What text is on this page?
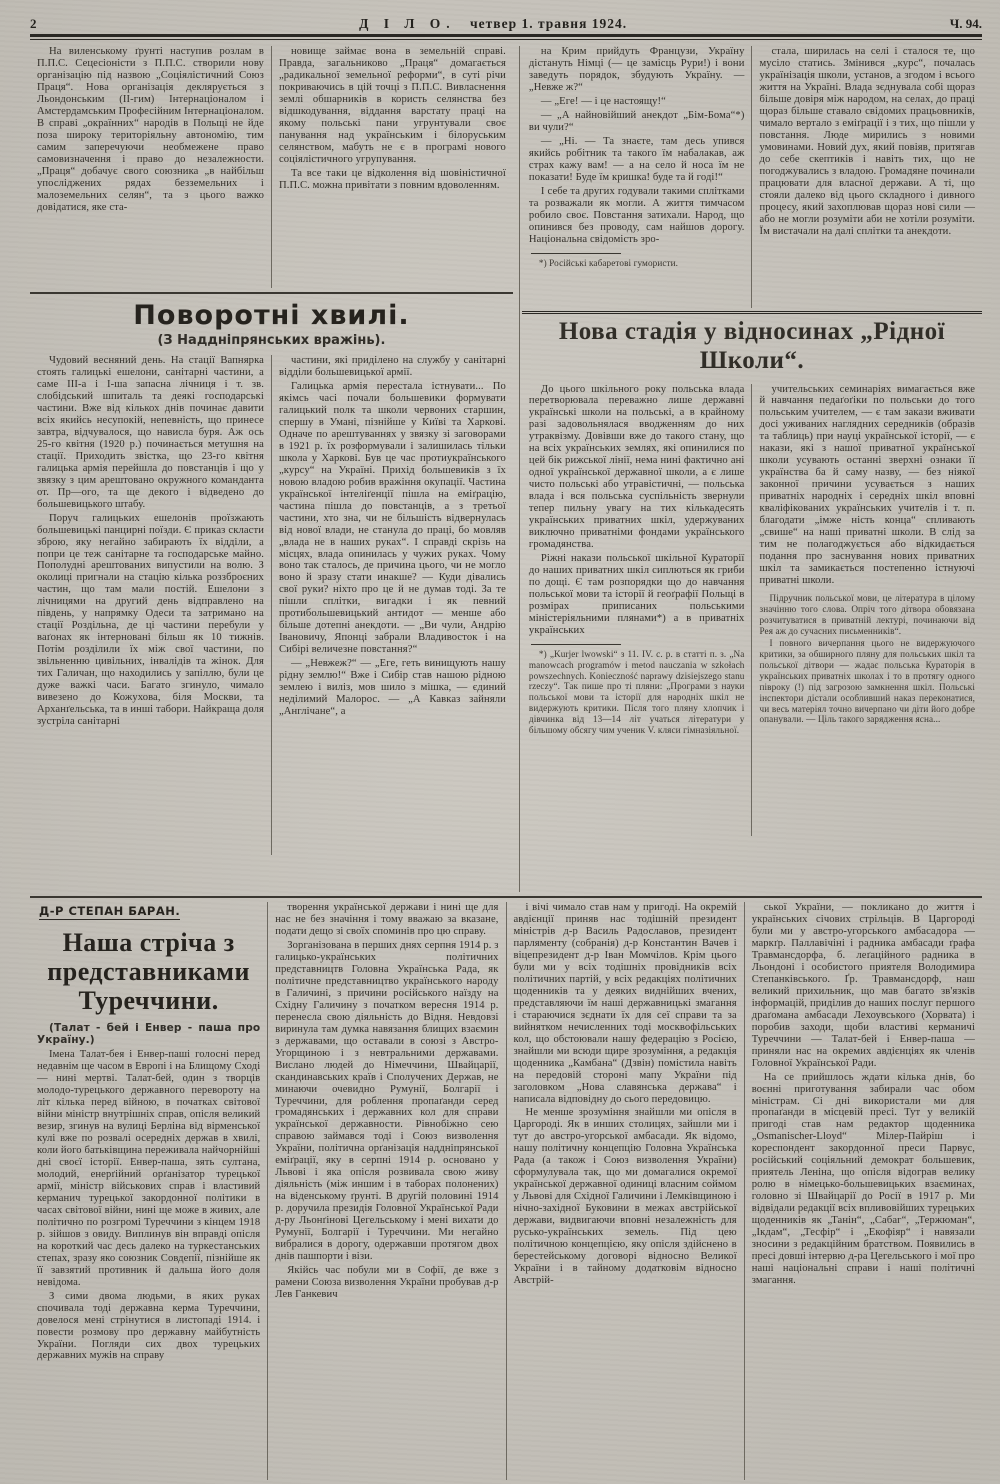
2	Д І Л О. четвер 1. травня 1924.	Ч. 94.

На виленському ґрунті наступив розлам в П.П.С. Сецесіоністи з П.П.С. створили нову організацію під назвою „Соціялістичний Союз Праця“. Нова організація деклярується з Льондонським (ІІ-гим) Інтернаціоналом і Амстердамським Професійним Інтернаціоналом. В справі „окраїнних“ народів в Польщі не йде поза широку територіяльну автономію, тим самим заперечуючи необмежене право самовизначення і право до незалежности. „Праця“ добачує свого союзника „в найбільш упосліджених рядах безземельних і малоземельних селян“, та з цього важко довідатися, яке ста-

новище займає вона в земельній справі. Правда, загальниково „Праця“ домагається „радикальної земельної реформи“, в суті річи покриваючись в цій точці з П.П.С. Вивласнення землі обшарників в користь селянства без відшкодування, віддання варстату праці на якому польські пани угрунтували своє панування над українським і білоруським селянством, мабуть не є в програмі нового соціялістичного угрупування.

Та все таки це відколення від шовіністичної П.П.С. можна привітати з повним вдоволенням.

Поворотні хвилі.

(З Наддніпрянських вражінь).

Чудовий весняний день. На стації Вапнярка стоять галицькі ешелони, санітарні частини, а саме ІІІ-а і І-ша запасна лічниця і т. зв. слобідський шпиталь та деякі господарські частини. Вже від кількох днів починає давити всіх якийсь несупокій, непевність, що принесе завтра, відчувалося, що нависла буря. Аж ось 25-го квітня (1920 р.) починається метушня на стації. Приходить звістка, що 23-го квітня галицька армія перейшла до повстанців і що у звязку з цим арештовано окружного команданта от. Пр—ого, та ще декого і відведено до большевицького штабу.

Поруч галицьких ешелонів проїзжають большевицькі панцирні поїзди. Є приказ скласти зброю, яку негайно забирають їх відділи, а попри це теж санітарне та господарське майно. Пополудні арештованих випустили на волю. З околиці пригнали на стацію кілька роззброєних частин, що там мали постій. Ешелони з лічницями на другий день відправлено на південь, у напрямку Одеси та затримано на стації Роздільна, де ці частини перебули у ваґонах як інтерновані більш як 10 тижнів. Потім розділили їх між свої частини, по звільненню цивільних, інвалідів та жінок. Для тих Галичан, що находились у запіллю, були це дуже важкі часи. Багато згинуло, чимало вивезено до Кожухова, біля Москви, та Арханґельська, та в инші табори. Найкраща доля зустріла санітарні

частини, які приділено на службу у санітарні відділи большевицької армії.

Галицька армія перестала істнувати... По якімсь часі почали большевики формувати галицький полк та школи червоних старшин, спершу в Умані, пізнійше у Київі та Харкові. Одначе по арештуваннях у звязку зі заговорами в 1921 р. їх розформували і залишилась тільки школа у Харкові. Був це час протиукраїнського „курсу“ на Україні. Прихід большевиків з їх новою владою робив вражіння окупації. Частина української інтеліґенції пішла на еміґрацію, частина пішла до повстанців, а з третьої частини, хто зна, чи не більшість відвернулась від нової влади, не станула до праці, бо мовляв „влада не в наших руках“. І справді скрізь на місцях, влада опинилась у чужих руках. Чому воно так сталось, де причина цього, чи не могло воно й зразу стати инакше? — Куди дівались свої руки? ніхто про це й не думав тоді. За те пішли сплітки, вигадки і як певний протибольшевицький антидот — менше або більше дотепні анекдоти. — „Ви чули, Андрію Івановичу, Японці забрали Владивосток і на Сибірі величезне повстання?“

— „Невжеж?“ — „Еге, геть винищують нашу рідну землю!“ Вже і Сибір став нашою рідною землею і виліз, мов шило з мішка, — єдиний неділимий Малорос. — „А Кавказ зайняли „Англічане“, а

на Крим прийдуть Французи, Україну дістануть Німці (— це замісць Рури!) і вони заведуть порядок, збудують Україну. — „Невже ж?“

— „Еге! — і це настоящу!“

— „А найновійший анекдот „Бім-Бома“*) ви чули?“

— „Ні. — Та знаєте, там десь упився якийсь робітник та такого їм набалакав, аж страх кажу вам! — а на село й носа їм не показати! Буде їм кришка! буде та й годі!“

І себе та других годували такими сплітками та розважали як могли. А життя тимчасом робило своє. Повстання затихали. Народ, що опинився без проводу, сам найшов дорогу. Національна свідомість зро-

*) Російські кабаретові гумористи.

стала, ширилась на селі і сталося те, що мусіло статись. Змінився „курс“, почалась українізація школи, установ, а згодом і всього життя на Україні. Влада зєднувала собі щораз більше довіря між народом, на селах, до праці щораз більше ставало свідомих працьовників, чимало вертало з еміґрації і з тих, що пішли у повстання. Люде мирились з новими умовинами. Новий дух, який повіяв, притягав до себе скептиків і навіть тих, що не погоджувались з владою. Громадяне починали працювати для власної держави. А ті, що стояли далеко від цього складного і дивного процесу, який захоплював щораз нові сили — або не могли розуміти аби не хотіли розуміти. Їм вистачали на далі сплітки та анекдоти.

Нова стадія у відносинах „Рідної Школи“.

До цього шкільного року польська влада перетворювала переважно лише державні українські школи на польські, а в крайному разі задовольнялася вводженням до них утраквізму. Довівши вже до такого стану, що на всіх українських землях, які опинилися по цей бік рижської лінії, нема нині фактично ані одної української державної школи, а є лише чисто польські або утравістичні, — польська влада і вся польська суспільність звернули тепер пильну увагу на тих кількадесять українських приватних шкіл, удержуваних виключно приватніми фондами українського громадянства.

Ріжні накази польської шкільної Кураторії до наших приватних шкіл сиплються як гриби по дощі. Є там розпорядки що до навчання польської мови та історії й геоґрафії Польщі в розмірах приписаних польськими міністеріяльними плянами*) а в приватніх українських

*) „Kurjer lwowski“ з 11. IV. с. р. в статті п. з. „Na manowcach programów i metod nauczania w szkołach powszechnych. Konieczność naprawy dzisiejszego stanu rzeczy“. Так пише про ті пляни: „Програми з науки польської мови та історії для народніх шкіл не видержують критики. Після того пляну хлопчик і дівчинка від 13—14 літ учаться літератури у більшому обсягу чим ученик V. кляси гімназіяльної.

учительських семинаріях вимагається вже й навчання педаґоґіки по польськи до того польським учителем, — є там закази вживати досі уживаних наглядних середників (образів та таблиць) при науці української історії, — є накази, які з нашої приватної української школи усувають останні зверхні ознаки її українства ба й саму назву, — без ніякої законної причини усувається з наших приватніх народніх і середніх шкіл вповні кваліфікованих українських учителів і т. п. благодати „імже ність конца“ спливають „свише“ на наші приватні школи. В слід за тим не полагоджується або відкидається подання про заснування нових приватних шкіл та замикається постепенно істнуючі приватні школи.

Підручник польської мови, це література в цілому значінню того слова. Опріч того дітвора обовязана розчитуватися в приватній лектурі, починаючи від Рея аж до сучасних письменників“.

І повного вичерпання цього не видержуючого критики, за обширного пляну для польських шкіл та польської дітвори — жадає польська Кураторія в українських приватніх школах і то в протягу одного півроку (!) під загрозою замкнення шкіл. Польські інспектори дістали особливший наказ переконатися, чи весь матеріял точно вичерпано чи діти його добре опанували. — Ціль такого зарядження ясна...

Д-Р СТЕПАН БАРАН.
Наша стріча з представниками Туреччини.

(Талат - бей і Енвер - паша про Україну.)

Імена Талат-бея і Енвер-паші голосні перед недавнім ще часом в Европі і на Блищому Сході — нині мертві. Талат-бей, один з творців молодо-турецького державного перевороту на літ кілька перед війною, в початках світової війни міністр внутрішніх справ, опісля великий везир, згинув на вулиці Берліна від вірменської кулі вже по розвалі осередніх держав в хвилі, коли його батьківщина переживала найчорнійші дні своєї історії. Енвер-паша, зять султана, молодий, енерґійний орґанізатор турецької армії, міністр військових справ і властивий керманич турецької закордонної політики в часах світової війни, нині ще може в живих, але політично по розгромі Туреччини з кінцем 1918 р. зійшов з овиду. Виплинув він вправді опісля на короткий час десь далеко на туркестанських степах, зразу яко союзник Совдепії, пізнійше як її завзятий противник й дальша його доля невідома.

З сими двома людьми, в яких руках спочивала тоді державна керма Туреччини, довелося мені стрінутися в листопаді 1914. і повести розмову про державну майбутність України. Погляди сих двох турецьких державних мужів на справу

творення української держави і нині ще для нас не без значіння і тому вважаю за вказане, подати дещо зі своїх споминів про цю справу.

Зорганізована в перших днях серпня 1914 р. з галицько-українських політичних представництв Головна Українська Рада, як політичне представництво українського народу в Галичині, з причини російського наїзду на Східну Галичину з початком вересня 1914 р. перенесла свою діяльність до Відня. Невдовзі виринула там думка навязання блищих взаємин з державами, що оставали в союзі з Австро-Угорщиною і з невтральними державами. Вислано людей до Німеччини, Швайцарії, скандинавських країв і Сполучених Держав, не минаючи очевидно Румунії, Болгарії і Туреччини, для роблення пропаґанди серед громадянських і державних кол для справи української державности. Рівнобіжно сею справою займався тоді і Союз визволення України, політична орґанізація наддніпрянської еміґрації, яку в серпні 1914 р. основано у Львові і яка опісля розвивала свою живу діяльність (між иншим і в таборах полонених) на віденському ґрунті. В другій половині 1914 р. доручила президія Головної Української Ради д-ру Льонґінові Цегельському і мені вихати до Румунії, Болгарії і Туреччини. Ми негайно вибралися в дорогу, одержавши протягом двох днів пашпорти і візи.

Якійсь час побули ми в Софії, де вже з рамени Союза визволення України пробував д-р Лев Ганкевич

і вічі чимало став нам у пригоді. На окремій авдієнції приняв нас тодішній президент міністрів д-р Василь Радославов, президент парляменту (собранія) д-р Константин Вачев і віцепрезидент д-р Іван Момчілов. Крім цього були ми у всіх тодішніх провідників всіх політичних партій, у всіх редакціях політичних щоденників та у деяких виднійших вчених, представляючи їм наші державницькі змагання і стараючися зєднати їх для сеї справи та за вийнятком нечисленних тоді москвофільських кол, що обстоювали нашу федерацію з Росією, знайшли ми всюди щире зрозуміння, а редакція щоденника „Камбана“ (Дзвін) помістила навіть на передовій стороні мапу України під заголовком „Нова славянська держава“ і написала відповідну до сього передовицю.

Не менше зрозуміння знайшли ми опісля в Царгороді. Як в инших столицях, зайшли ми і тут до австро-угорської амбасади. Як відомо, нашу політичну концепцію Головна Українська Рада (а також і Союз визволення України) сформулувала так, що ми домагалися окремої української державної одиниці власним соймом у Львові для Східної Галичини і Лемківщиною і нічно-західної Буковини в межах австрійської держави, видвигаючи вповні незалежність для русько-українських земель. Під цею політичною концепцією, яку опісля здійснено в берестейському договорі відносно Великої України і в тайному додатковім відносно Австрій-

ської України, — покликано до життя і українських січових стрільців. В Царгороді були ми у австро-угорського амбасадора — маркґр. Паллавічіні і радника амбасади ґрафа Травмансдорфа, б. леґаційного радника в Льондоні і особистого приятеля Володимира Степанківського. Ґр. Травмансдорф, наш великий прихильник, що мав багато зв'язків інформацій, приділив до наших послуг першого драґомана амбасади Лехоувського (Хорвата) і поробив заходи, щоби властиві керманичі Туреччини — Талат-бей і Енвер-паша — приняли нас на окремих авдієнціях як членів Головної Української Ради.

На се прийшлось ждати кілька днів, бо воєнні приготування забирали час обом міністрам. Сі дні використали ми для пропаґанди в місцевій пресі. Тут у великій пригоді став нам редактор щоденника „Osmanischer-Lloyd“ Мілер-Пайріш і кореспондент закордонної преси Парвус, російський соціяльний демократ большевик, приятель Леніна, що опісля відограв велику ролю в німецько-большевицьких взаєминах, головно зі Швайцарії до Росії в 1917 р. Ми відвідали редакції всіх впливовійших турецьких щоденників як „Танін“, „Сабаг“, „Тержюман“, „Ікдам“, „Тесфір“ і „Екофіяр“ і навязали зносини з редакційним братством. Появились в пресі довші інтервю д-ра Цегельського і мої про наші національні справи і наші політичні змагання.
